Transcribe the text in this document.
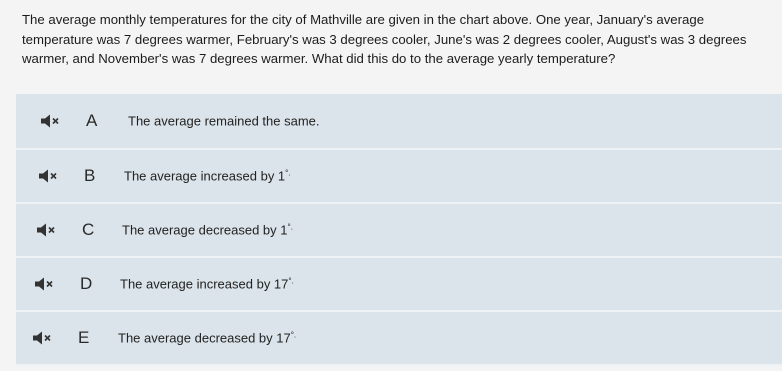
The average monthly temperatures for the city of Mathville are given in the chart above. One year, January's average
temperature was 7 degrees warmer, February's was 3 degrees cooler, June's was 2 degrees cooler, August's was 3 degrees
warmer, and November's was 7 degrees warmer. What did this do to the average yearly temperature?
A The average remained the same.
B The average increased by 1°.
C The average decreased by 1°.
D The average increased by 17°.
E The average decreased by 17°.
